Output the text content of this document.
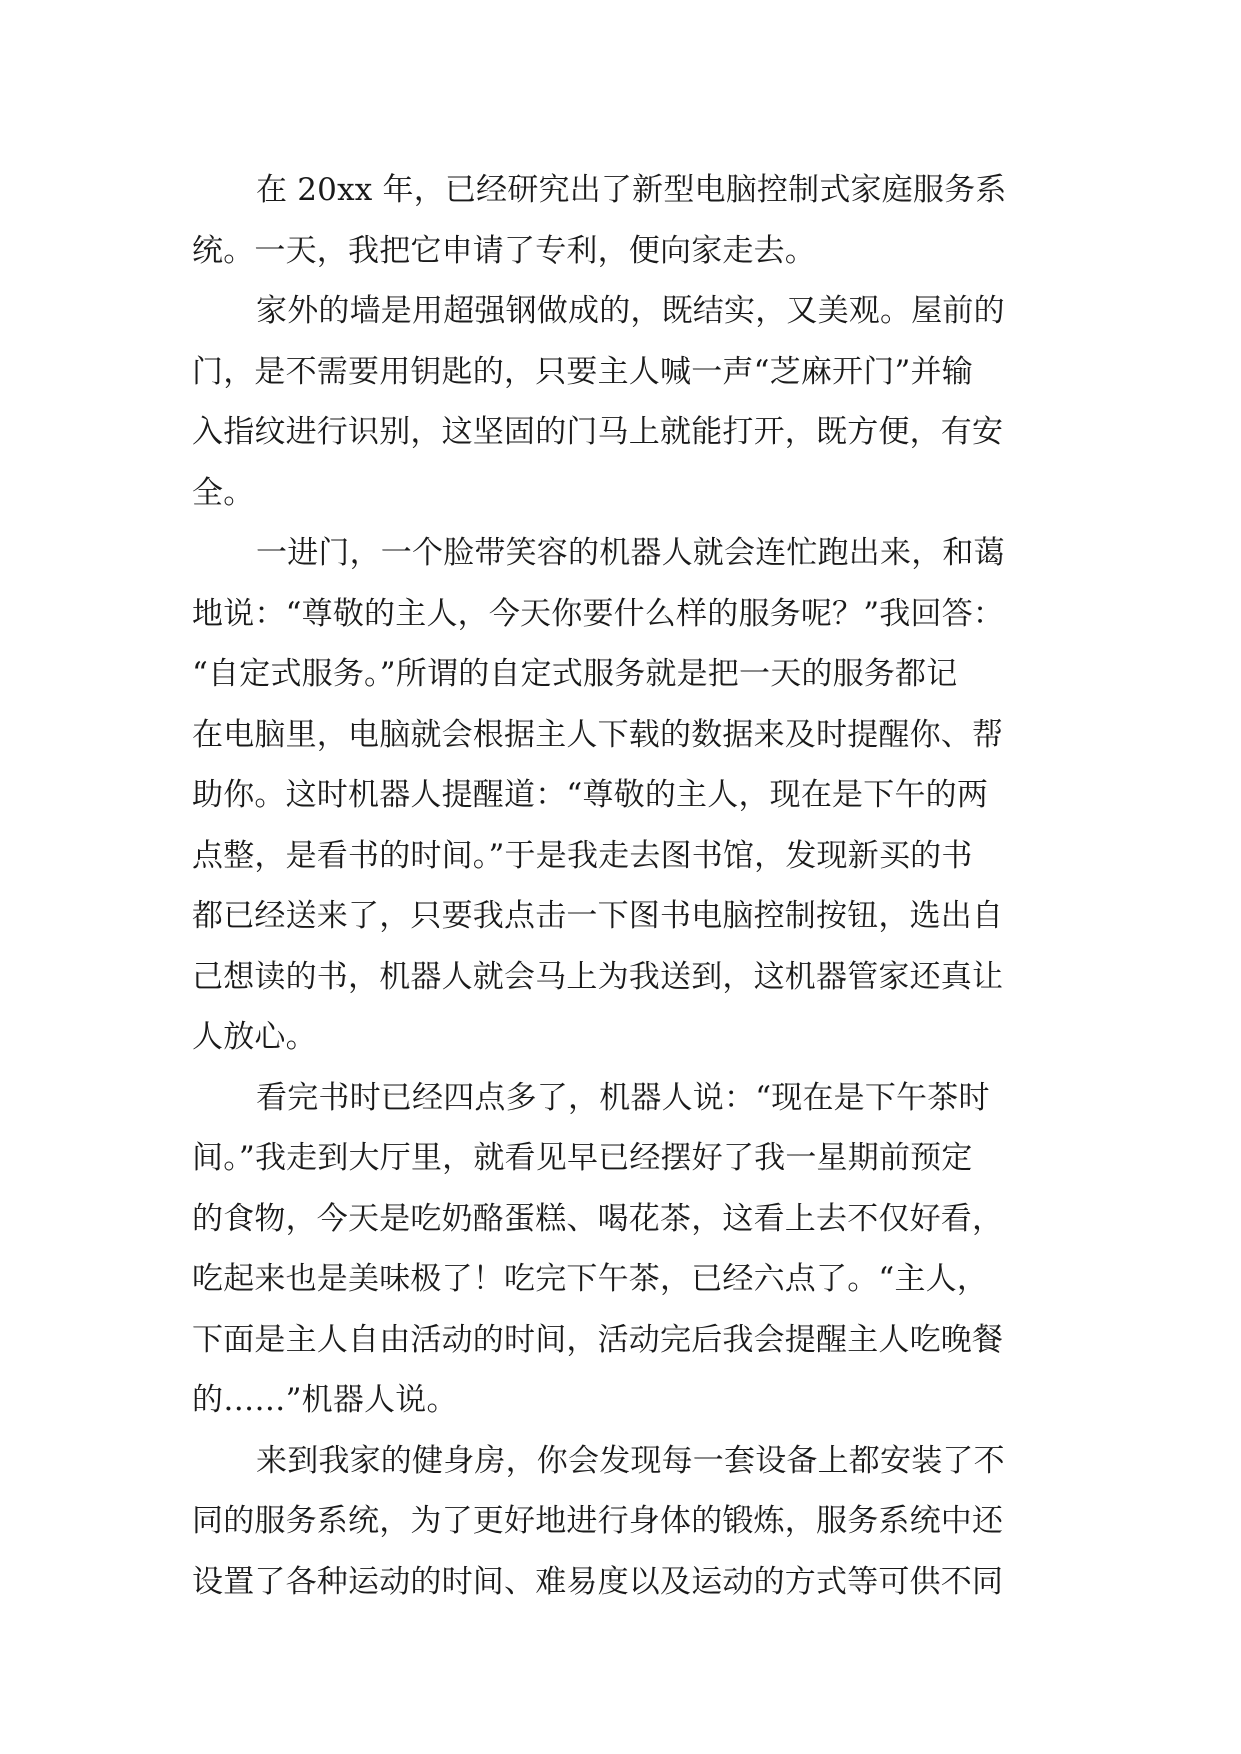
在 20xx 年，已经研究出了新型电脑控制式家庭服务系
统。一天，我把它申请了专利，便向家走去。
家外的墙是用超强钢做成的，既结实，又美观。屋前的
门，是不需要用钥匙的，只要主人喊一声“芝麻开门”并输
入指纹进行识别，这坚固的门马上就能打开，既方便，有安
全。
一进门，一个脸带笑容的机器人就会连忙跑出来，和蔼
地说：“尊敬的主人，今天你要什么样的服务呢？”我回答：
“自定式服务。”所谓的自定式服务就是把一天的服务都记
在电脑里，电脑就会根据主人下载的数据来及时提醒你、帮
助你。这时机器人提醒道：“尊敬的主人，现在是下午的两
点整，是看书的时间。”于是我走去图书馆，发现新买的书
都已经送来了，只要我点击一下图书电脑控制按钮，选出自
己想读的书，机器人就会马上为我送到，这机器管家还真让
人放心。
看完书时已经四点多了，机器人说：“现在是下午茶时
间。”我走到大厅里，就看见早已经摆好了我一星期前预定
的食物，今天是吃奶酪蛋糕、喝花茶，这看上去不仅好看，
吃起来也是美味极了！吃完下午茶，已经六点了。“主人，
下面是主人自由活动的时间，活动完后我会提醒主人吃晚餐
的……”机器人说。
来到我家的健身房，你会发现每一套设备上都安装了不
同的服务系统，为了更好地进行身体的锻炼，服务系统中还
设置了各种运动的时间、难易度以及运动的方式等可供不同
